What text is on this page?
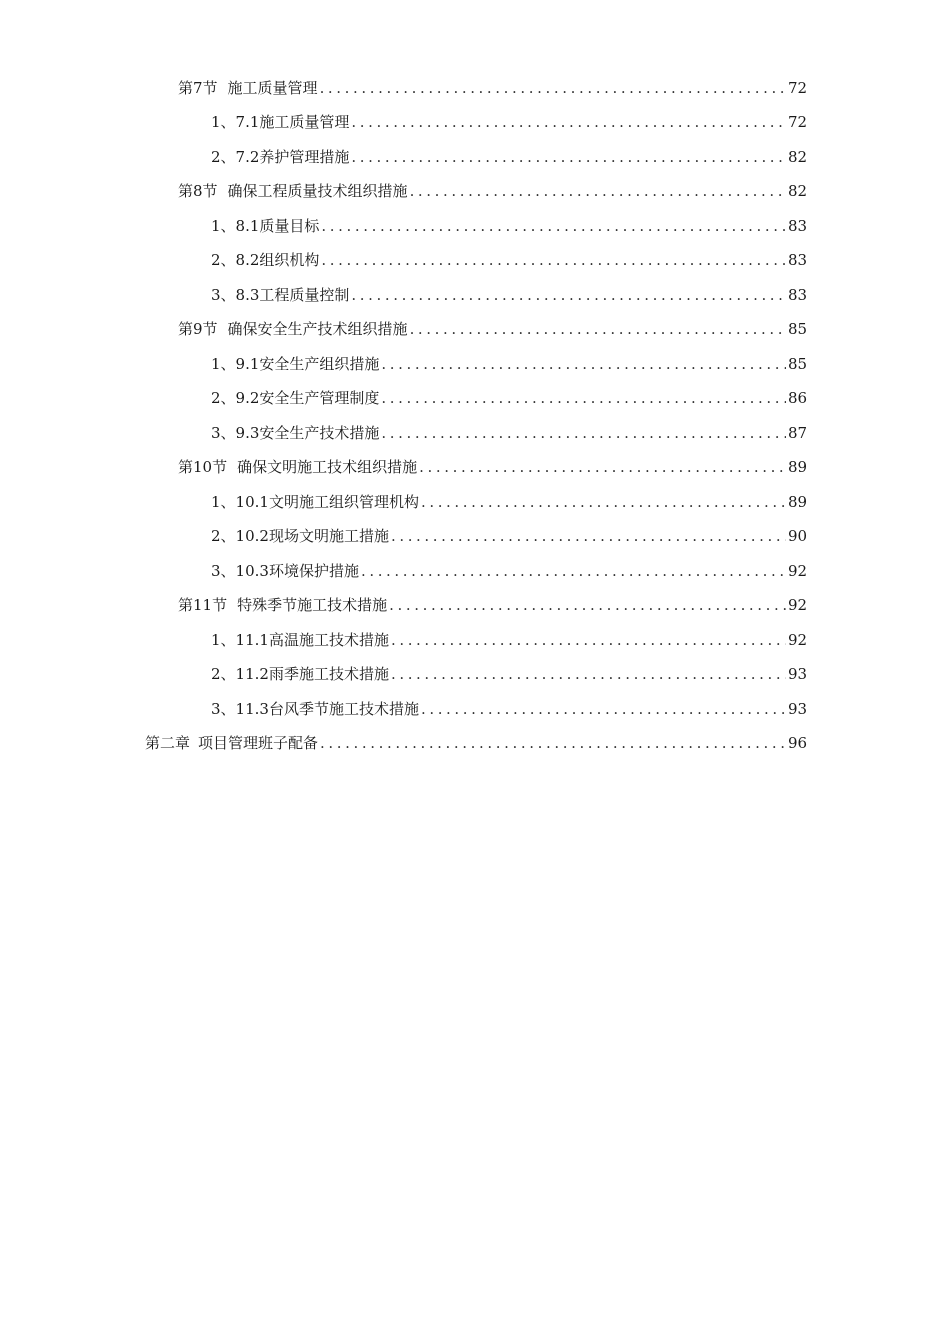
第7节 施工质量管理 .....	72
1、 7.1施工质量管理 .....	72
2、 7.2养护管理措施 .....	82
第8节 确保工程质量技术组织措施 .....	82
1、 8.1质量目标 .....	83
2、 8.2组织机构 .....	83
3、 8.3工程质量控制 .....	83
第9节 确保安全生产技术组织措施 .....	85
1、 9.1安全生产组织措施 .....	85
2、 9.2安全生产管理制度 .....	86
3、 9.3安全生产技术措施 .....	87
第10节 确保文明施工技术组织措施 .....	89
1、 10.1文明施工组织管理机构 .....	89
2、 10.2现场文明施工措施 .....	90
3、 10.3环境保护措施 .....	92
第11节 特殊季节施工技术措施 .....	92
1、 11.1高温施工技术措施 .....	92
2、 11.2雨季施工技术措施 .....	93
3、 11.3台风季节施工技术措施 .....	93
第二章 项目管理班子配备 .....	96
